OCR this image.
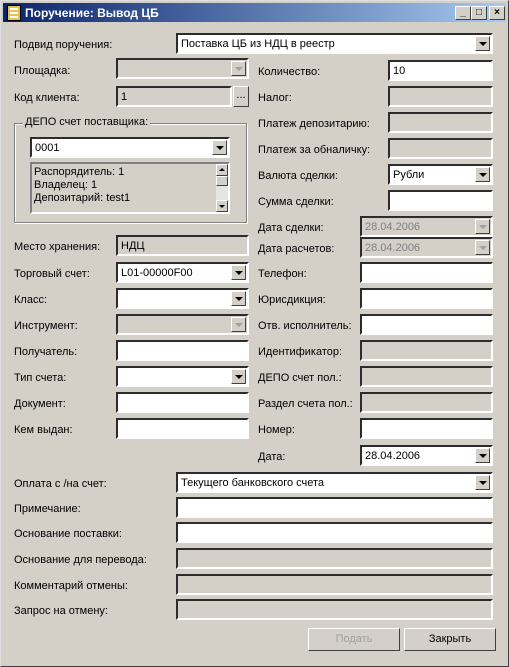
Поручение: Вывод ЦБ	_	□	×
Подвид поручения:	Поставка ЦБ из НДЦ в реестр
Площадка:
Код клиента:	1	...
ДЕПО счет поставщика:
0001
Распорядитель: 1
Владелец: 1
Депозитарий: test1
Место хранения:	НДЦ
Торговый счет:	L01-00000F00
Класс:
Инструмент:
Получатель:
Тип счета:
Документ:
Кем выдан:
Количество:	10
Налог:
Платеж депозитарию:
Платеж за обналичку:
Валюта сделки:	Рубли
Сумма сделки:
Дата сделки:	28.04.2006
Дата расчетов:	28.04.2006
Телефон:
Юрисдикция:
Отв. исполнитель:
Идентификатор:
ДЕПО счет пол.:
Раздел счета пол.:
Номер:
Дата:	28.04.2006
Оплата с /на счет:	Текущего банковского счета
Примечание:
Основание поставки:
Основание для перевода:
Комментарий отмены:
Запрос на отмену:
Подать	Закрыть
